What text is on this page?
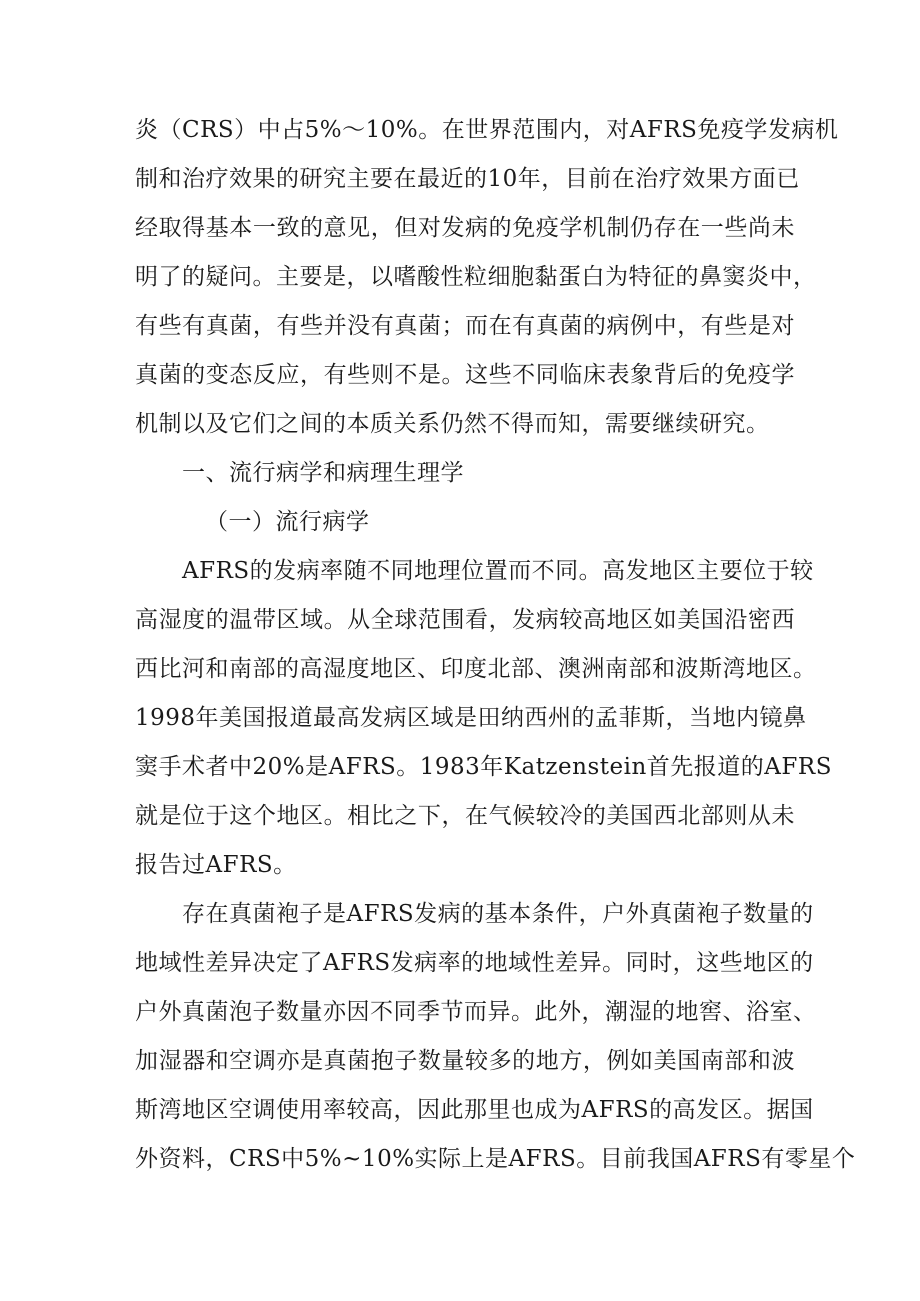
炎（CRS）中占5%～10%。在世界范围内，对AFRS免疫学发病机
制和治疗效果的研究主要在最近的10年，目前在治疗效果方面已
经取得基本一致的意见，但对发病的免疫学机制仍存在一些尚未
明了的疑问。主要是，以嗜酸性粒细胞黏蛋白为特征的鼻窦炎中，
有些有真菌，有些并没有真菌；而在有真菌的病例中，有些是对
真菌的变态反应，有些则不是。这些不同临床表象背后的免疫学
机制以及它们之间的本质关系仍然不得而知，需要继续研究。
一、流行病学和病理生理学
（一）流行病学
AFRS的发病率随不同地理位置而不同。高发地区主要位于较
高湿度的温带区域。从全球范围看，发病较高地区如美国沿密西
西比河和南部的高湿度地区、印度北部、澳洲南部和波斯湾地区。
1998年美国报道最高发病区域是田纳西州的孟菲斯，当地内镜鼻
窦手术者中20%是AFRS。1983年Katzenstein首先报道的AFRS
就是位于这个地区。相比之下，在气候较冷的美国西北部则从未
报告过AFRS。
存在真菌袍子是AFRS发病的基本条件，户外真菌袍子数量的
地域性差异决定了AFRS发病率的地域性差异。同时，这些地区的
户外真菌泡子数量亦因不同季节而异。此外，潮湿的地窖、浴室、
加湿器和空调亦是真菌抱子数量较多的地方，例如美国南部和波
斯湾地区空调使用率较高，因此那里也成为AFRS的高发区。据国
外资料，CRS中5%~10%实际上是AFRS。目前我国AFRS有零星个
